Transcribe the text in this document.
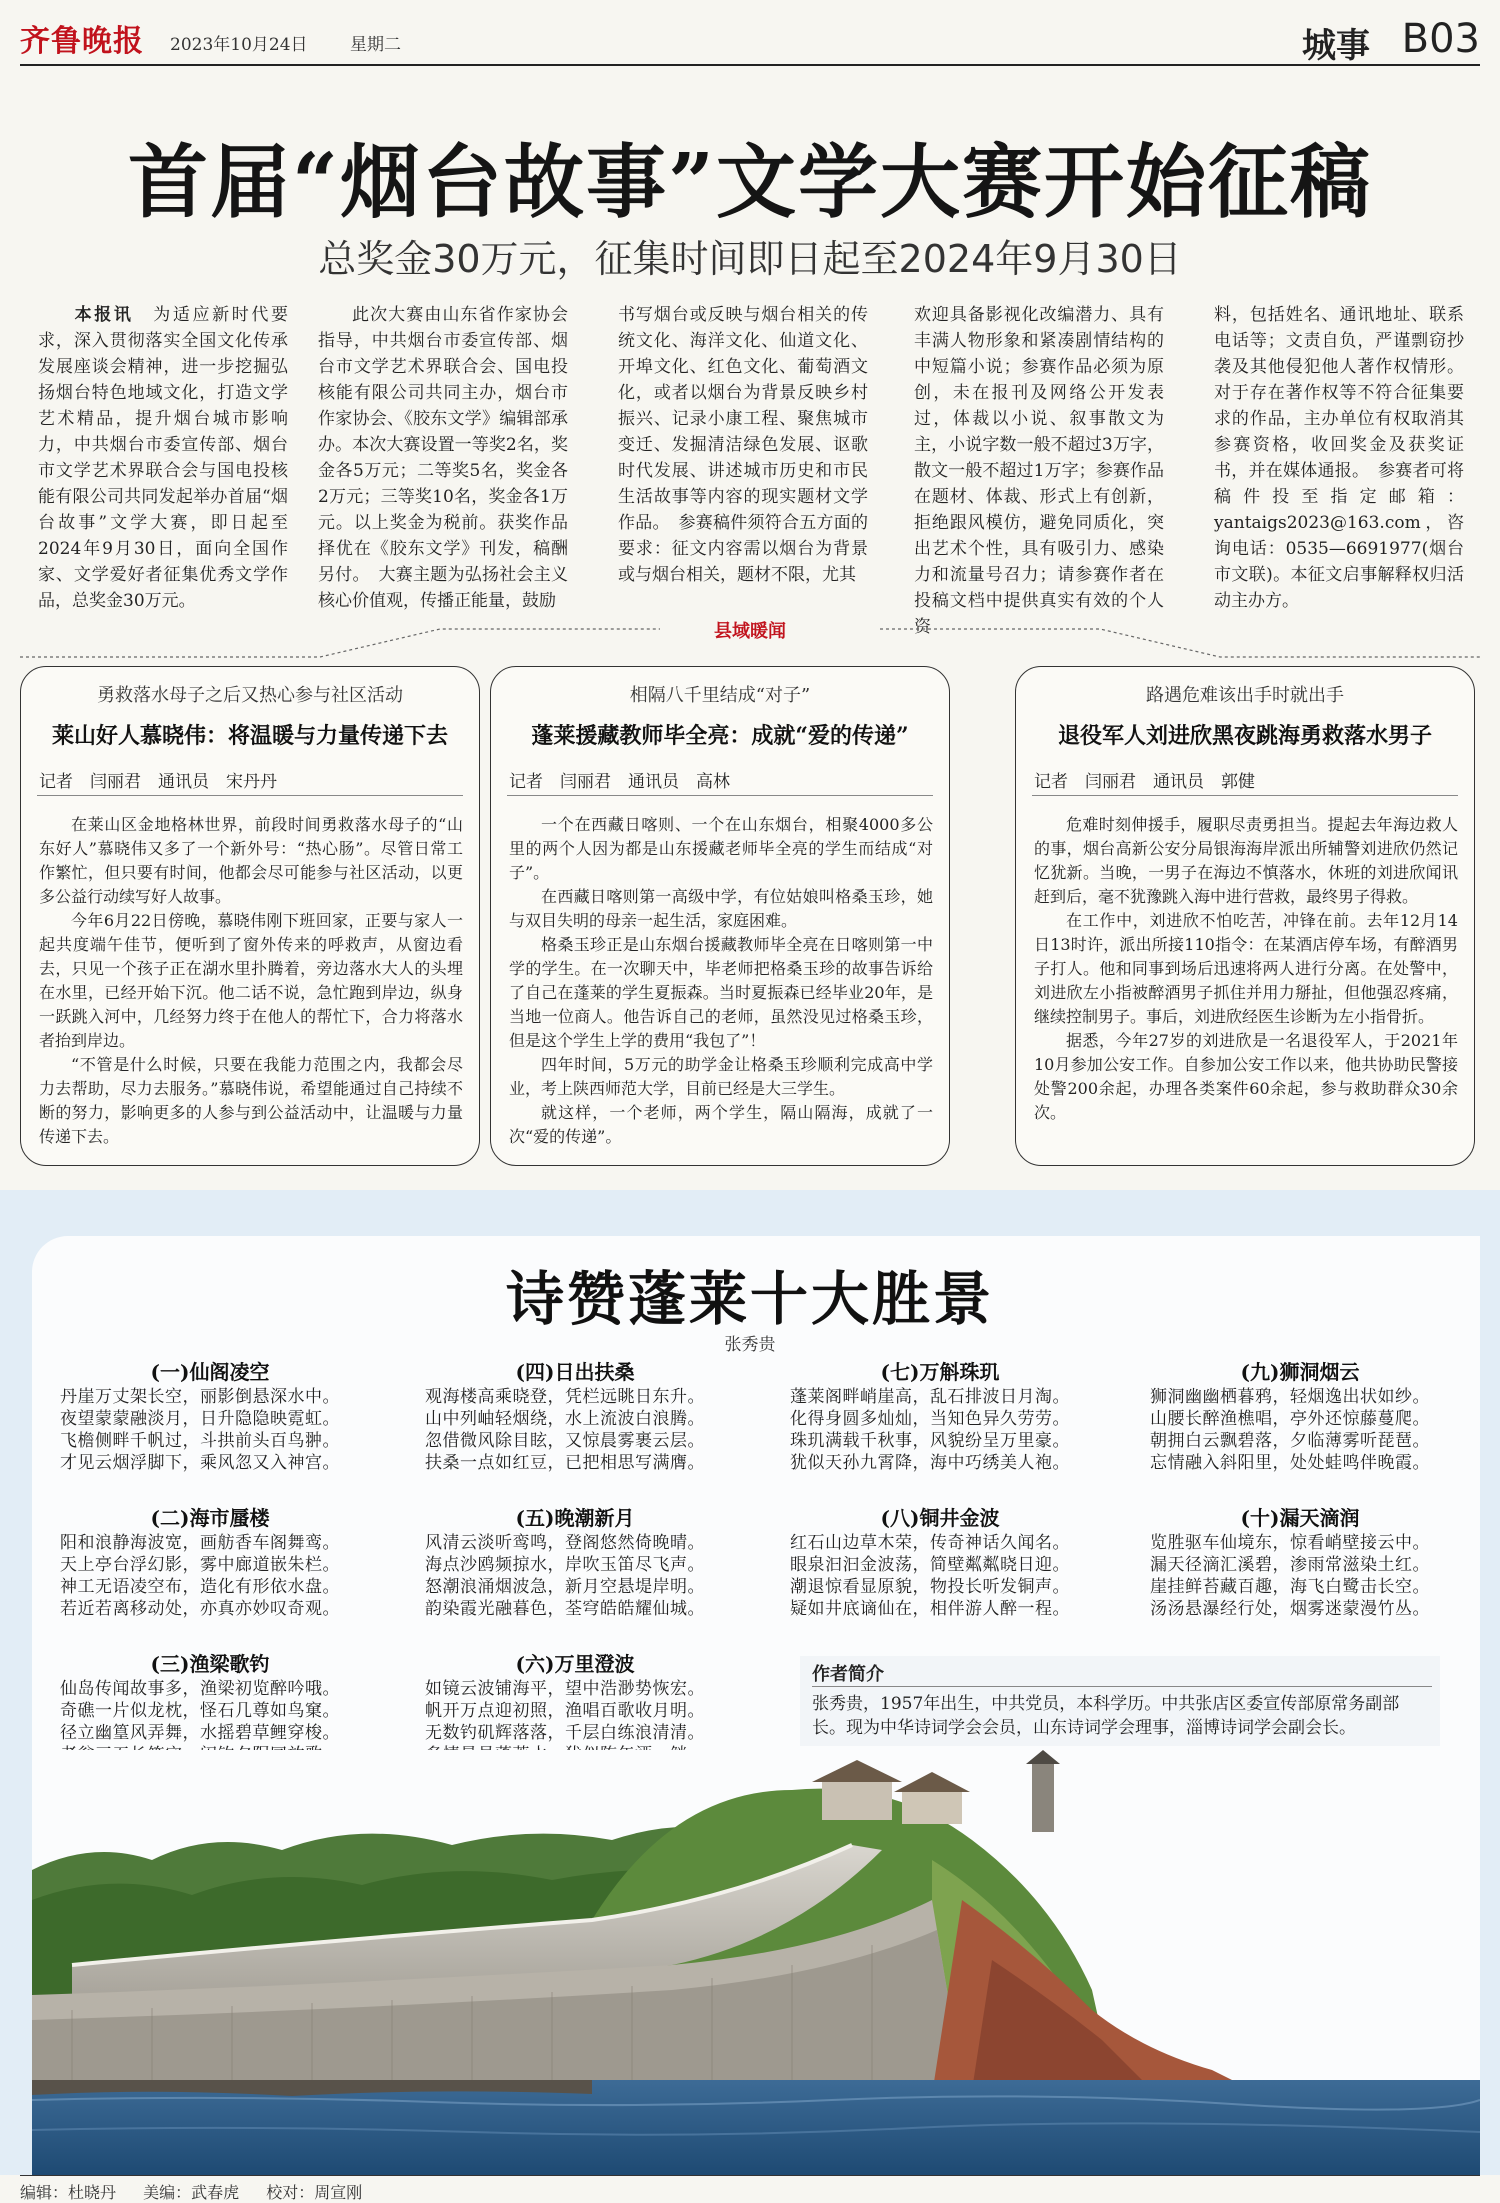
齐鲁晚报 2023年10月24日 星期二	城事 B03
首届“烟台故事”文学大赛开始征稿
总奖金30万元，征集时间即日起至2024年9月30日
本报讯　 为适应新时代要求，深入贯彻落实全国文化传承发展座谈会精神，进一步挖掘弘扬烟台特色地域文化，打造文学艺术精品，提升烟台城市影响力，中共烟台市委宣传部、烟台市文学艺术界联合会与国电投核能有限公司共同发起举办首届“烟台故事”文学大赛，即日起至2024年9月30日，面向全国作家、文学爱好者征集优秀文学作品，总奖金30万元。
此次大赛由山东省作家协会指导，中共烟台市委宣传部、烟台市文学艺术界联合会、国电投核能有限公司共同主办，烟台市作家协会、《胶东文学》编辑部承办。本次大赛设置一等奖2名，奖金各5万元；二等奖5名，奖金各2万元；三等奖10名，奖金各1万元。以上奖金为税前。获奖作品择优在《胶东文学》刊发，稿酬另付。　大赛主题为弘扬社会主义核心价值观，传播正能量，鼓励
书写烟台或反映与烟台相关的传统文化、海洋文化、仙道文化、开埠文化、红色文化、葡萄酒文化，或者以烟台为背景反映乡村振兴、记录小康工程、聚焦城市变迁、发掘清洁绿色发展、讴歌时代发展、讲述城市历史和市民生活故事等内容的现实题材文学作品。　参赛稿件须符合五方面的要求：征文内容需以烟台为背景或与烟台相关，题材不限，尤其
欢迎具备影视化改编潜力、具有丰满人物形象和紧凑剧情结构的中短篇小说；参赛作品必须为原创，未在报刊及网络公开发表过，体裁以小说、叙事散文为主，小说字数一般不超过3万字，散文一般不超过1万字；参赛作品在题材、体裁、形式上有创新，拒绝跟风模仿，避免同质化，突出艺术个性，具有吸引力、感染力和流量号召力；请参赛作者在投稿文档中提供真实有效的个人资
料，包括姓名、通讯地址、联系电话等；文责自负，严谨剽窃抄袭及其他侵犯他人著作权情形。对于存在著作权等不符合征集要求的作品，主办单位有权取消其参赛资格，收回奖金及获奖证书，并在媒体通报。　参赛者可将稿件投至指定邮箱：yantaigs2023@163.com，咨询电话：0535—6691977(烟台市文联)。本征文启事解释权归活动主办方。
县域暖闻
勇救落水母子之后又热心参与社区活动
莱山好人慕晓伟：将温暖与力量传递下去
记者　闫丽君　通讯员　宋丹丹

在莱山区金地格林世界，前段时间勇救落水母子的“山东好人”慕晓伟又多了一个新外号：“热心肠”。尽管日常工作繁忙，但只要有时间，他都会尽可能参与社区活动，以更多公益行动续写好人故事。

今年6月22日傍晚，慕晓伟刚下班回家，正要与家人一起共度端午佳节，便听到了窗外传来的呼救声，从窗边看去，只见一个孩子正在湖水里扑腾着，旁边落水大人的头埋在水里，已经开始下沉。他二话不说，急忙跑到岸边，纵身一跃跳入河中，几经努力终于在他人的帮忙下，合力将落水者抬到岸边。

“不管是什么时候，只要在我能力范围之内，我都会尽力去帮助，尽力去服务。”慕晓伟说，希望能通过自己持续不断的努力，影响更多的人参与到公益活动中，让温暖与力量传递下去。

相隔八千里结成“对子”
蓬莱援藏教师毕全亮：成就“爱的传递”
记者　闫丽君　通讯员　高林

一个在西藏日喀则、一个在山东烟台，相聚4000多公里的两个人因为都是山东援藏老师毕全亮的学生而结成“对子”。

在西藏日喀则第一高级中学，有位姑娘叫格桑玉珍，她与双目失明的母亲一起生活，家庭困难。

格桑玉珍正是山东烟台援藏教师毕全亮在日喀则第一中学的学生。在一次聊天中，毕老师把格桑玉珍的故事告诉给了自己在蓬莱的学生夏振森。当时夏振森已经毕业20年，是当地一位商人。他告诉自己的老师，虽然没见过格桑玉珍，但是这个学生上学的费用“我包了”！

四年时间，5万元的助学金让格桑玉珍顺利完成高中学业，考上陕西师范大学，目前已经是大三学生。

就这样，一个老师，两个学生，隔山隔海，成就了一次“爱的传递”。

路遇危难该出手时就出手
退役军人刘进欣黑夜跳海勇救落水男子
记者　闫丽君　通讯员　郭健

危难时刻伸援手，履职尽责勇担当。提起去年海边救人的事，烟台高新公安分局银海海岸派出所辅警刘进欣仍然记忆犹新。当晚，一男子在海边不慎落水，休班的刘进欣闻讯赶到后，毫不犹豫跳入海中进行营救，最终男子得救。

在工作中，刘进欣不怕吃苦，冲锋在前。去年12月14日13时许，派出所接110指令：在某酒店停车场，有醉酒男子打人。他和同事到场后迅速将两人进行分离。在处警中，刘进欣左小指被醉酒男子抓住并用力掰扯，但他强忍疼痛，继续控制男子。事后，刘进欣经医生诊断为左小指骨折。

据悉，今年27岁的刘进欣是一名退役军人，于2021年10月参加公安工作。自参加公安工作以来，他共协助民警接处警200余起，办理各类案件60余起，参与救助群众30余次。

诗赞蓬莱十大胜景
张秀贵
(一)仙阁凌空
丹崖万丈架长空，丽影倒悬深水中。
夜望蒙蒙融淡月，日升隐隐映霓虹。
飞檐侧畔千帆过，斗拱前头百鸟翀。
才见云烟浮脚下，乘风忽又入神宫。
(二)海市蜃楼
阳和浪静海波宽，画舫香车阁舞鸾。
天上亭台浮幻影，雾中廊道嵌朱栏。
神工无语凌空布，造化有形依水盘。
若近若离移动处，亦真亦妙叹奇观。
(三)渔梁歌钓
仙岛传闻故事多，渔梁初览醉吟哦。
奇礁一片似龙枕，怪石几尊如鸟窠。
径立幽篁风弄舞，水摇碧草鲤穿梭。
(四)日出扶桑
观海楼高乘晓登，凭栏远眺日东升。
山中列岫轻烟绕，水上流波白浪腾。
忽借微风除目眩，又惊晨雾裹云层。
扶桑一点如红豆，已把相思写满膺。
(五)晚潮新月
风清云淡听鸾鸣，登阁悠然倚晚晴。
海点沙鸥频掠水，岸吹玉笛尽飞声。
怒潮浪涌烟波急，新月空悬堤岸明。
韵染霞光融暮色，荃穹皓皓耀仙城。
(六)万里澄波
如镜云波铺海平，望中浩渺势恢宏。
帆开万点迎初照，渔唱百歌收月明。
无数钓矶辉落落，千层白练浪清清。
(七)万斛珠玑
蓬莱阁畔峭崖高，乱石排波日月淘。
化得身圆多灿灿，当知色异久劳劳。
珠玑满载千秋事，风貌纷呈万里豪。
犹似天孙九霄降，海中巧绣美人袍。
(八)铜井金波
红石山边草木荣，传奇神话久闻名。
眼泉汩汩金波荡，简壁粼粼晓日迎。
潮退惊看显原貌，物投长听发铜声。
疑如井底谪仙在，相伴游人醉一程。
(九)狮洞烟云
狮洞幽幽栖暮鸦，轻烟逸出状如纱。
山腰长醉渔樵唱，亭外还惊藤蔓爬。
朝拥白云飘碧落，夕临薄雾听琵琶。
忘情融入斜阳里，处处蛙鸣伴晚霞。
(十)漏天滴润
览胜驱车仙境东，惊看峭壁接云中。
漏天径滴汇溪碧，渗雨常滋染土红。
崖挂鲜苔藏百趣，海飞白鹭击长空。
汤汤悬瀑经行处，烟雾迷蒙漫竹丛。
作者简介
张秀贵，1957年出生，中共党员，本科学历。中共张店区委宣传部原常务副部长。现为中华诗词学会会员，山东诗词学会理事，淄博诗词学会副会长。
编辑：杜晓丹 美编：武春虎 校对：周宣刚
